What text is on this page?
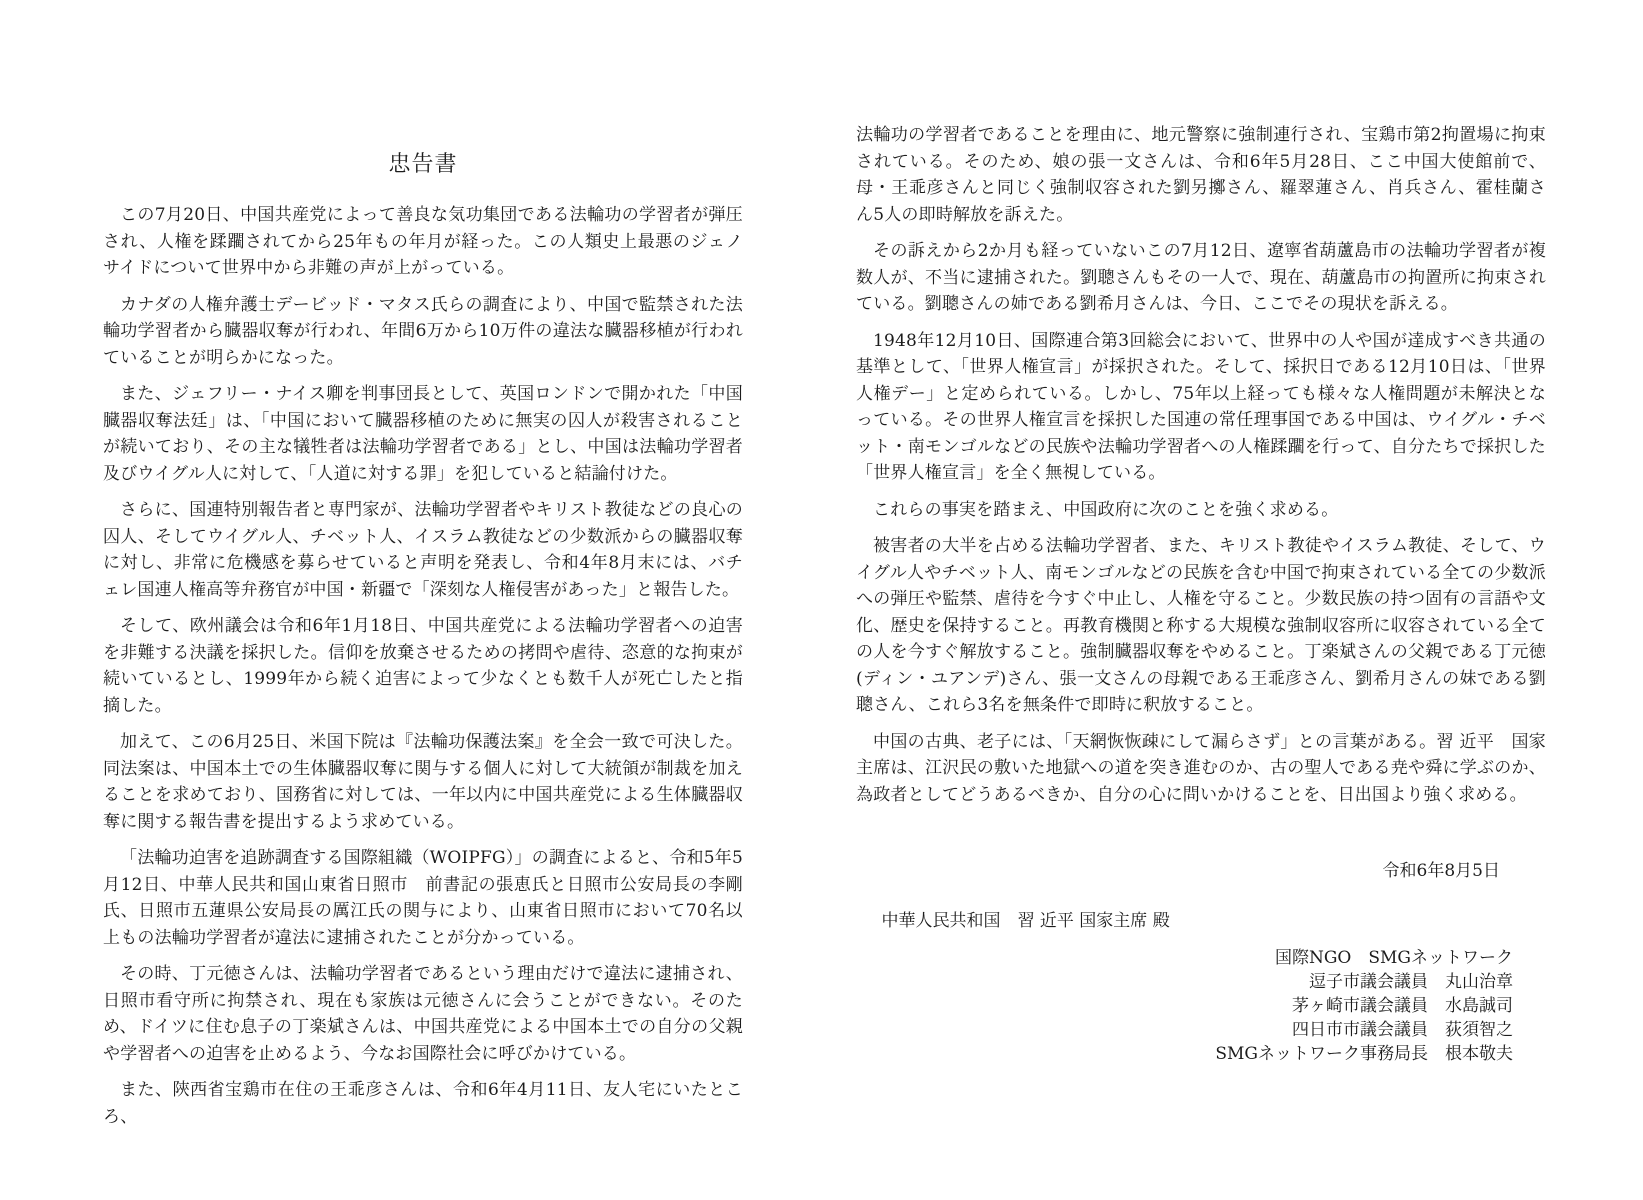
忠告書

この7月20日、中国共産党によって善良な気功集団である法輪功の学習者が弾圧され、人権を蹂躙されてから25年もの年月が経った。この人類史上最悪のジェノサイドについて世界中から非難の声が上がっている。

カナダの人権弁護士デービッド・マタス氏らの調査により、中国で監禁された法輪功学習者から臓器収奪が行われ、年間6万から10万件の違法な臓器移植が行われていることが明らかになった。

また、ジェフリー・ナイス卿を判事団長として、英国ロンドンで開かれた「中国臓器収奪法廷」は、「中国において臓器移植のために無実の囚人が殺害されることが続いており、その主な犠牲者は法輪功学習者である」とし、中国は法輪功学習者及びウイグル人に対して、「人道に対する罪」を犯していると結論付けた。

さらに、国連特別報告者と専門家が、法輪功学習者やキリスト教徒などの良心の囚人、そしてウイグル人、チベット人、イスラム教徒などの少数派からの臓器収奪に対し、非常に危機感を募らせていると声明を発表し、令和4年8月末には、バチェレ国連人権高等弁務官が中国・新疆で「深刻な人権侵害があった」と報告した。

そして、欧州議会は令和6年1月18日、中国共産党による法輪功学習者への迫害を非難する決議を採択した。信仰を放棄させるための拷問や虐待、恣意的な拘束が続いているとし、1999年から続く迫害によって少なくとも数千人が死亡したと指摘した。

加えて、この6月25日、米国下院は『法輪功保護法案』を全会一致で可決した。同法案は、中国本土での生体臓器収奪に関与する個人に対して大統領が制裁を加えることを求めており、国務省に対しては、一年以内に中国共産党による生体臓器収奪に関する報告書を提出するよう求めている。

「法輪功迫害を追跡調査する国際組織（WOIPFG）」の調査によると、令和5年5月12日、中華人民共和国山東省日照市　前書記の張恵氏と日照市公安局長の李剛氏、日照市五蓮県公安局長の厲江氏の関与により、山東省日照市において70名以上もの法輪功学習者が違法に逮捕されたことが分かっている。

その時、丁元徳さんは、法輪功学習者であるという理由だけで違法に逮捕され、日照市看守所に拘禁され、現在も家族は元徳さんに会うことができない。そのため、ドイツに住む息子の丁楽斌さんは、中国共産党による中国本土での自分の父親や学習者への迫害を止めるよう、今なお国際社会に呼びかけている。

また、陝西省宝鶏市在住の王乖彦さんは、令和6年4月11日、友人宅にいたところ、

法輪功の学習者であることを理由に、地元警察に強制連行され、宝鶏市第2拘置場に拘束されている。そのため、娘の張一文さんは、令和6年5月28日、ここ中国大使館前で、母・王乖彦さんと同じく強制収容された劉另擲さん、羅翠蓮さん、肖兵さん、霍桂蘭さん5人の即時解放を訴えた。

その訴えから2か月も経っていないこの7月12日、遼寧省葫蘆島市の法輪功学習者が複数人が、不当に逮捕された。劉聰さんもその一人で、現在、葫蘆島市の拘置所に拘束されている。劉聰さんの姉である劉希月さんは、今日、ここでその現状を訴える。

1948年12月10日、国際連合第3回総会において、世界中の人や国が達成すべき共通の基準として、「世界人権宣言」が採択された。そして、採択日である12月10日は、「世界人権デー」と定められている。しかし、75年以上経っても様々な人権問題が未解決となっている。その世界人権宣言を採択した国連の常任理事国である中国は、ウイグル・チベット・南モンゴルなどの民族や法輪功学習者への人権蹂躙を行って、自分たちで採択した「世界人権宣言」を全く無視している。

これらの事実を踏まえ、中国政府に次のことを強く求める。

被害者の大半を占める法輪功学習者、また、キリスト教徒やイスラム教徒、そして、ウイグル人やチベット人、南モンゴルなどの民族を含む中国で拘束されている全ての少数派への弾圧や監禁、虐待を今すぐ中止し、人権を守ること。少数民族の持つ固有の言語や文化、歴史を保持すること。再教育機関と称する大規模な強制収容所に収容されている全ての人を今すぐ解放すること。強制臓器収奪をやめること。丁楽斌さんの父親である丁元徳(ディン・ユアンデ)さん、張一文さんの母親である王乖彦さん、劉希月さんの妹である劉聰さん、これら3名を無条件で即時に釈放すること。

中国の古典、老子には、「天網恢恢疎にして漏らさず」との言葉がある。習 近平　国家主席は、江沢民の敷いた地獄への道を突き進むのか、古の聖人である尭や舜に学ぶのか、為政者としてどうあるべきか、自分の心に問いかけることを、日出国より強く求める。

令和6年8月5日

中華人民共和国　習 近平 国家主席 殿

国際NGO　SMGネットワーク

逗子市議会議員　丸山治章

茅ヶ崎市議会議員　水島誠司

四日市市議会議員　荻須智之

SMGネットワーク事務局長　根本敬夫
